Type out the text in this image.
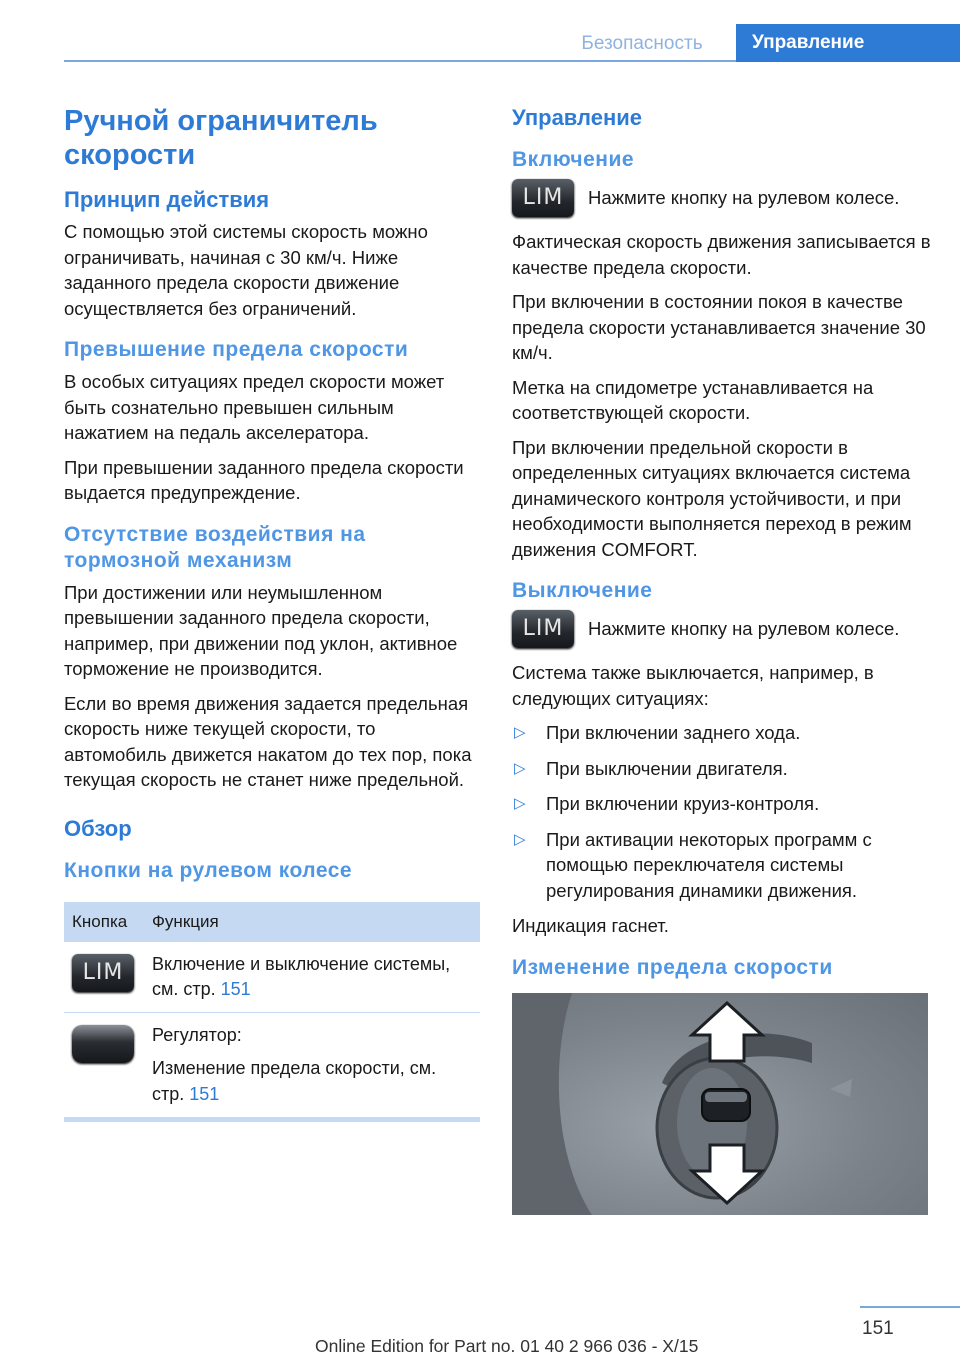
Безопасность	Управление
Ручной ограничитель скорости
Принцип действия

С помощью этой системы скорость можно ограничивать, начиная с 30 км/ч. Ниже заданного предела скорости движение осуществляется без ограничений.

Превышение предела скорости

В особых ситуациях предел скорости может быть сознательно превышен сильным нажатием на педаль акселератора.

При превышении заданного предела скорости выдается предупреждение.

Отсутствие воздействия на тормозной механизм

При достижении или неумышленном превышении заданного предела скорости, например, при движении под уклон, активное торможение не производится.

Если во время движения задается предельная скорость ниже текущей скорости, то автомобиль движется накатом до тех пор, пока текущая скорость не станет ниже предельной.

Обзор
Кнопки на рулевом колесе
Кнопка	Функция

LIM	Включение и выключение системы, см. стр. 151

	Регулятор:

Изменение предела скорости, см. стр. 151

Управление
Включение
LIM	Нажмите кнопку на рулевом колесе.

Фактическая скорость движения записывается в качестве предела скорости.

При включении в состоянии покоя в качестве предела скорости устанавливается значение 30 км/ч.

Метка на спидометре устанавливается на соответствующей скорости.

При включении предельной скорости в определенных ситуациях включается система динамического контроля устойчивости, и при необходимости выполняется переход в режим движения COMFORT.

Выключение
LIM	Нажмите кнопку на рулевом колесе.

Система также выключается, например, в следующих ситуациях:

▷ При включении заднего хода.
▷ При выключении двигателя.
▷ При включении круиз-контроля.
▷ При активации некоторых программ с помощью переключателя системы регулирования динамики движения.

Индикация гаснет.

Изменение предела скорости
151
Online Edition for Part no. 01 40 2 966 036 - X/15
